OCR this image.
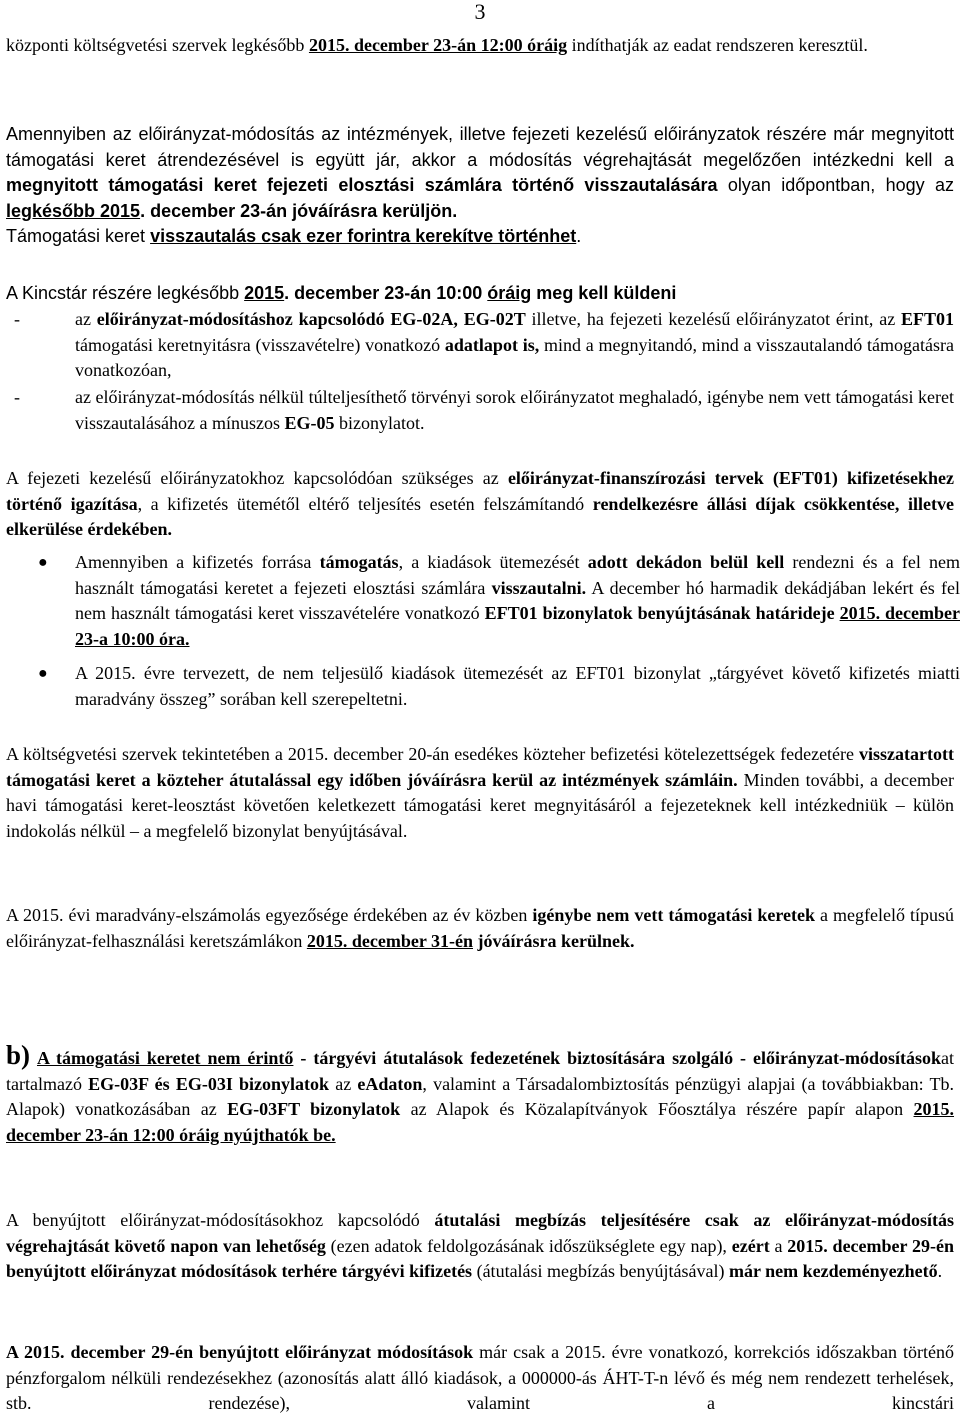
3
központi költségvetési szervek legkésőbb 2015. december 23-án 12:00 óráig indíthatják az eadat rendszeren keresztül.
Amennyiben az előirányzat-módosítás az intézmények, illetve fejezeti kezelésű előirányzatok részére már megnyitott támogatási keret átrendezésével is együtt jár, akkor a módosítás végrehajtását megelőzően intézkedni kell a megnyitott támogatási keret fejezeti elosztási számlára történő visszautalására olyan időpontban, hogy az legkésőbb 2015. december 23-án jóváírásra kerüljön.
Támogatási keret visszautalás csak ezer forintra kerekítve történhet.
A Kincstár részére legkésőbb 2015. december 23-án 10:00 óráig meg kell küldeni
-	az előirányzat-módosításhoz kapcsolódó EG-02A, EG-02T illetve, ha fejezeti kezelésű előirányzatot érint, az EFT01 támogatási keretnyitásra (visszavételre) vonatkozó adatlapot is, mind a megnyitandó, mind a visszautalandó támogatásra vonatkozóan,
-	az előirányzat-módosítás nélkül túlteljesíthető törvényi sorok előirányzatot meghaladó, igénybe nem vett támogatási keret visszautalásához a mínuszos EG-05 bizonylatot.
A fejezeti kezelésű előirányzatokhoz kapcsolódóan szükséges az előirányzat-finanszírozási tervek (EFT01) kifizetésekhez történő igazítása, a kifizetés ütemétől eltérő teljesítés esetén felszámítandó rendelkezésre állási díjak csökkentése, illetve elkerülése érdekében.
● Amennyiben a kifizetés forrása támogatás, a kiadások ütemezését adott dekádon belül kell rendezni és a fel nem használt támogatási keretet a fejezeti elosztási számlára visszautalni. A december hó harmadik dekádjában lekért és fel nem használt támogatási keret visszavételére vonatkozó EFT01 bizonylatok benyújtásának határideje 2015. december 23-a 10:00 óra.
● A 2015. évre tervezett, de nem teljesülő kiadások ütemezését az EFT01 bizonylat „tárgyévet követő kifizetés miatti maradvány összeg” sorában kell szerepeltetni.
A költségvetési szervek tekintetében a 2015. december 20-án esedékes közteher befizetési kötelezettségek fedezetére visszatartott támogatási keret a közteher átutalással egy időben jóváírásra kerül az intézmények számláin. Minden további, a december havi támogatási keret-leosztást követően keletkezett támogatási keret megnyitásáról a fejezeteknek kell intézkedniük – külön indokolás nélkül – a megfelelő bizonylat benyújtásával.
A 2015. évi maradvány-elszámolás egyezősége érdekében az év közben igénybe nem vett támogatási keretek a megfelelő típusú előirányzat-felhasználási keretszámlákon 2015. december 31-én jóváírásra kerülnek.
b) A támogatási keretet nem érintő - tárgyévi átutalások fedezetének biztosítására szolgáló - előirányzat-módosításokat tartalmazó EG-03F és EG-03I bizonylatok az eAdaton, valamint a Társadalombiztosítás pénzügyi alapjai (a továbbiakban: Tb. Alapok) vonatkozásában az EG-03FT bizonylatok az Alapok és Közalapítványok Főosztálya részére papír alapon 2015. december 23-án 12:00 óráig nyújthatók be.
A benyújtott előirányzat-módosításokhoz kapcsolódó átutalási megbízás teljesítésére csak az előirányzat-módosítás végrehajtását követő napon van lehetőség (ezen adatok feldolgozásának időszükséglete egy nap), ezért a 2015. december 29-én benyújtott előirányzat módosítások terhére tárgyévi kifizetés (átutalási megbízás benyújtásával) már nem kezdeményezhető.
A 2015. december 29-én benyújtott előirányzat módosítások már csak a 2015. évre vonatkozó, korrekciós időszakban történő pénzforgalom nélküli rendezésekhez (azonosítás alatt álló kiadások, a 000000-ás ÁHT-T-n lévő és még nem rendezett terhelések, stb. rendezése), valamint a kincstári
